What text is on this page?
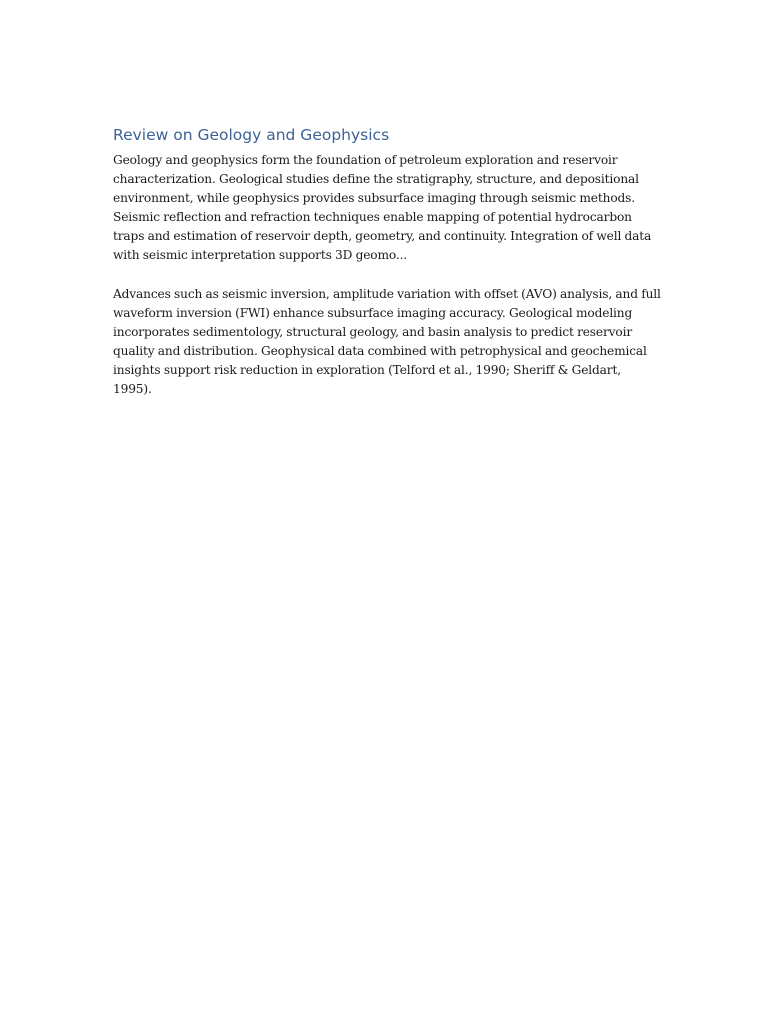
Review on Geology and Geophysics

Geology and geophysics form the foundation of petroleum exploration and reservoir characterization. Geological studies define the stratigraphy, structure, and depositional environment, while geophysics provides subsurface imaging through seismic methods. Seismic reflection and refraction techniques enable mapping of potential hydrocarbon traps and estimation of reservoir depth, geometry, and continuity. Integration of well data with seismic interpretation supports 3D geomo...

Advances such as seismic inversion, amplitude variation with offset (AVO) analysis, and full waveform inversion (FWI) enhance subsurface imaging accuracy. Geological modeling incorporates sedimentology, structural geology, and basin analysis to predict reservoir quality and distribution. Geophysical data combined with petrophysical and geochemical insights support risk reduction in exploration (Telford et al., 1990; Sheriff & Geldart, 1995).
